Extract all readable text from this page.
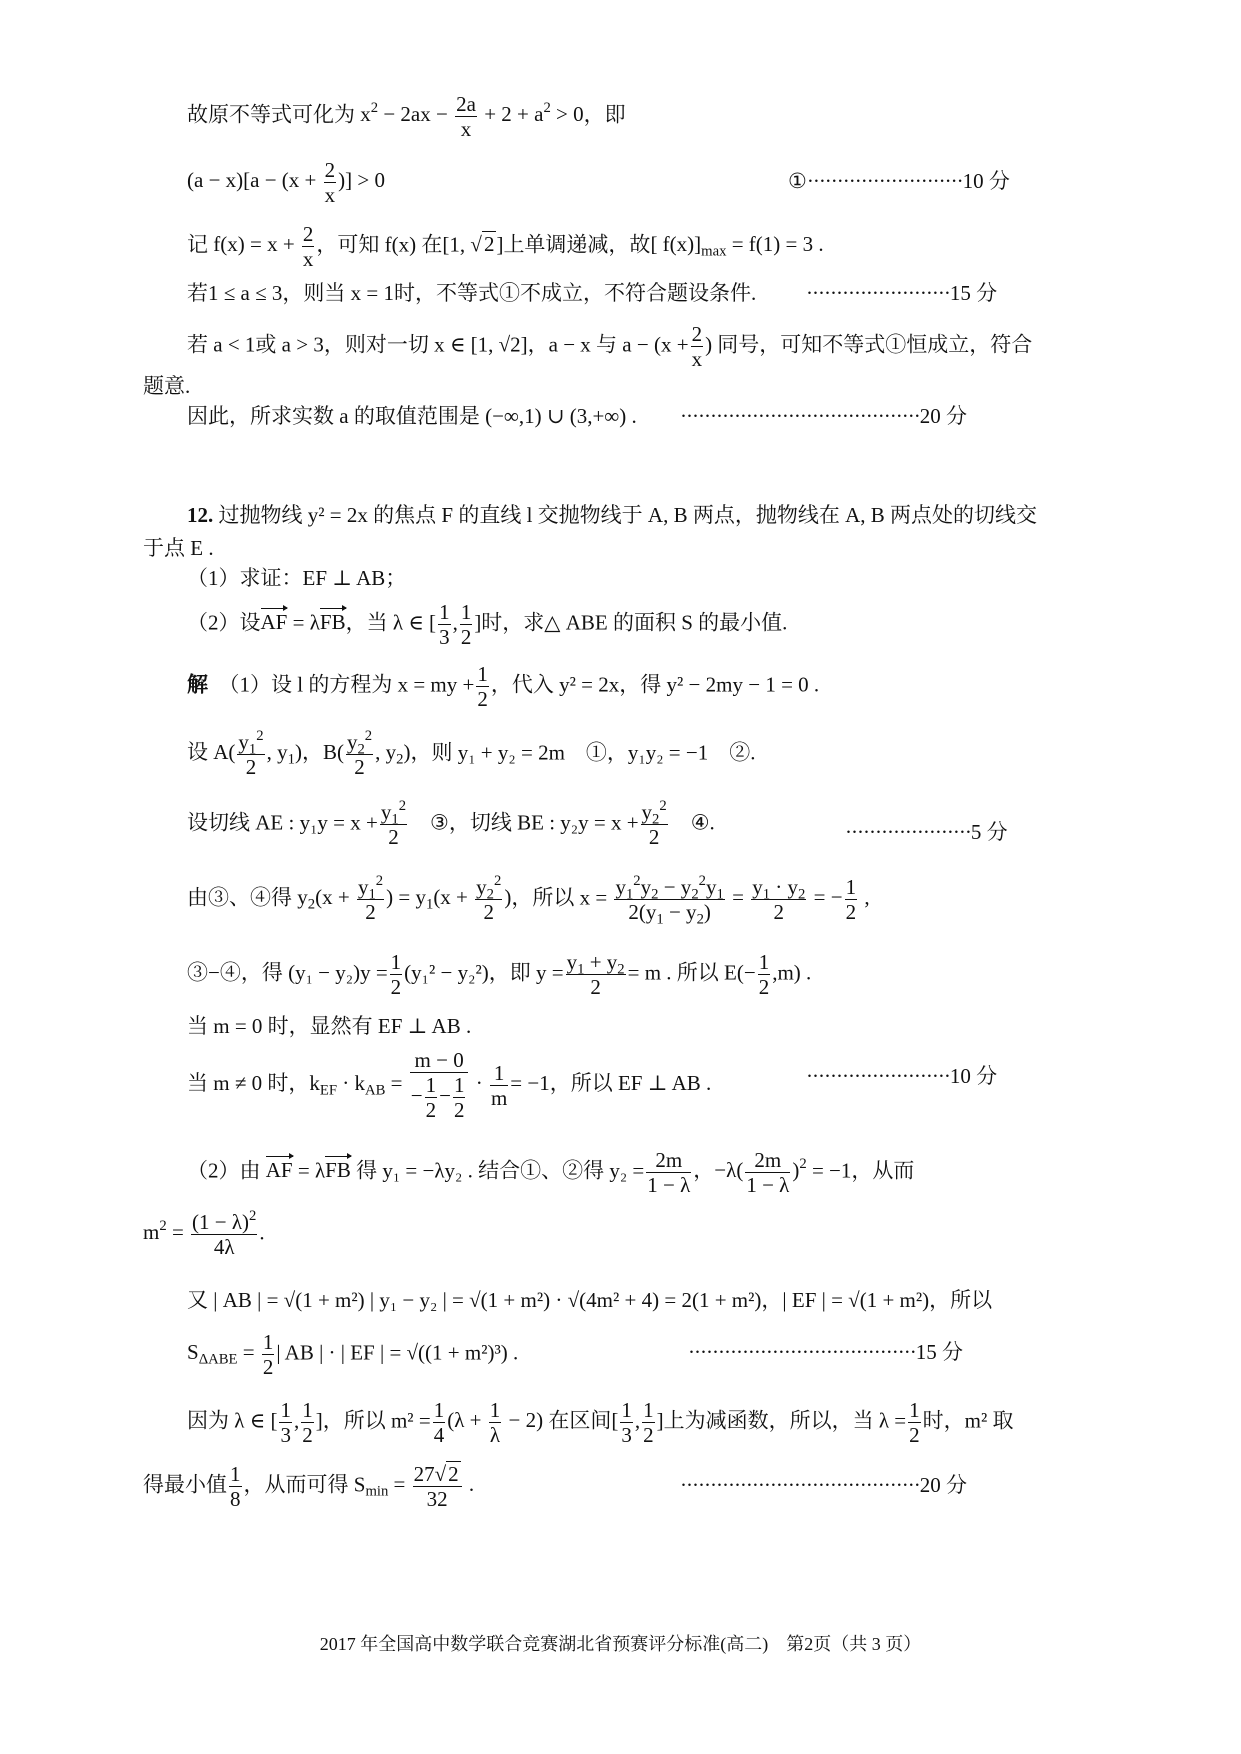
故原不等式可化为 $x^2 - 2ax - \frac{2a}{x} + 2 + a^2 > 0$，即
$(a - x)[a - (x + \frac{2}{x}$ )] > 0	①··························10 分
记 $f(x) = x + \frac{2}{x}$ ，可知 f(x) 在[1, √2]上单调递减，故[ $f(x)]_{max} = f(1) = 3$ .
若1 ≤ a ≤ 3，则当 x = 1时，不等式①不成立，不符合题设条件. ························15 分
若 a < 1或 a > 3，则对一切 x ∈ [1, √2]，a − x 与 $a - (x + \frac{2}{x}$ ) 同号，可知不等式①恒成立，符合
题意.
因此，所求实数 a 的取值范围是 (−∞,1) ∪ (3,+∞) . ········································20 分
12. 过抛物线 y² = 2x 的焦点 F 的直线 l 交抛物线于 A, B 两点，抛物线在 A, B 两点处的切线交
于点 E .
（1）求证：EF ⊥ AB；
（2）设AF = λFB，当 λ ∈ [ $\frac{1}{3}$ , $\frac{1}{2}$ ]时，求△ ABE 的面积 S 的最小值.
解 （1）设 l 的方程为 x = my + $\frac{1}{2}$ ，代入 y² = 2x，得 y² − 2my − 1 = 0 .
设 $A( \frac{y_1^2}{2}$ , $y_1$)，$B( \frac{y_2^2}{2}$ , $y_2$)，则 y₁ + y₂ = 2m　①，y₁y₂ = −1　②.
设切线 AE : $y_1y = x + \frac{y_1^2}{2}$ ③，切线 BE : $y_2y = x + \frac{y_2^2}{2}$ ④.	·····················5 分
由③、④得 $y_2(x + \frac{y_1^2}{2}$ ) = $y_1(x + \frac{y_2^2}{2}$ )，所以 $x = \frac{y_1^2y_2 - y_2^2y_1}{2(y_1 - y_2)} = \frac{y_1 \cdot y_2}{2}$ = − $\frac{1}{2}$ ,
③−④，得 $(y_1 - y_2)y = \frac{1}{2} (y_1^2 - y_2^2)$，即 $y = \frac{y_1 + y_2}{2} = m$ . 所以 $E(- \frac{1}{2} ,m)$ .
当 m = 0 时，显然有 EF ⊥ AB .
当 m ≠ 0 时，$k_{EF} \cdot k_{AB} = \frac{m - 0}{- \frac{1}{2} - \frac{1}{2}} \cdot \frac{1}{m} = -1$，所以 EF ⊥ AB .	························10 分
（2）由 AF = λFB 得 y₁ = −λy₂ . 结合①、②得 $y_2 = \frac{2m}{1 - \lambda}$ ，$-\lambda( \frac{2m}{1 - \lambda} )^2 = -1$，从而
$m^2 = \frac{(1 - \lambda)^2}{4\lambda}$ .
又 | AB | = √(1 + m²) | y₁ − y₂ | = √(1 + m²) · √(4m² + 4) = 2(1 + m²)，| EF | = √(1 + m²)，所以
$S_{\Delta ABE} = \frac{1}{2}$ | AB | · | EF | = √((1 + m²)³) .	······································15 分
因为 λ ∈ [ $\frac{1}{3}$ , $\frac{1}{2}$ ]，所以 $m^2 = \frac{1}{4} (\lambda + \frac{1}{\lambda} - 2)$ 在区间[ $\frac{1}{3}$ , $\frac{1}{2}$ ]上为减函数，所以，当 $\lambda = \frac{1}{2}$ 时，m² 取
得最小值 $\frac{1}{8}$ ，从而可得 $S_{min} = \frac{27√2}{32}$ .	········································20 分
2017 年全国高中数学联合竞赛湖北省预赛评分标准(高二)　第2页（共 3 页）
